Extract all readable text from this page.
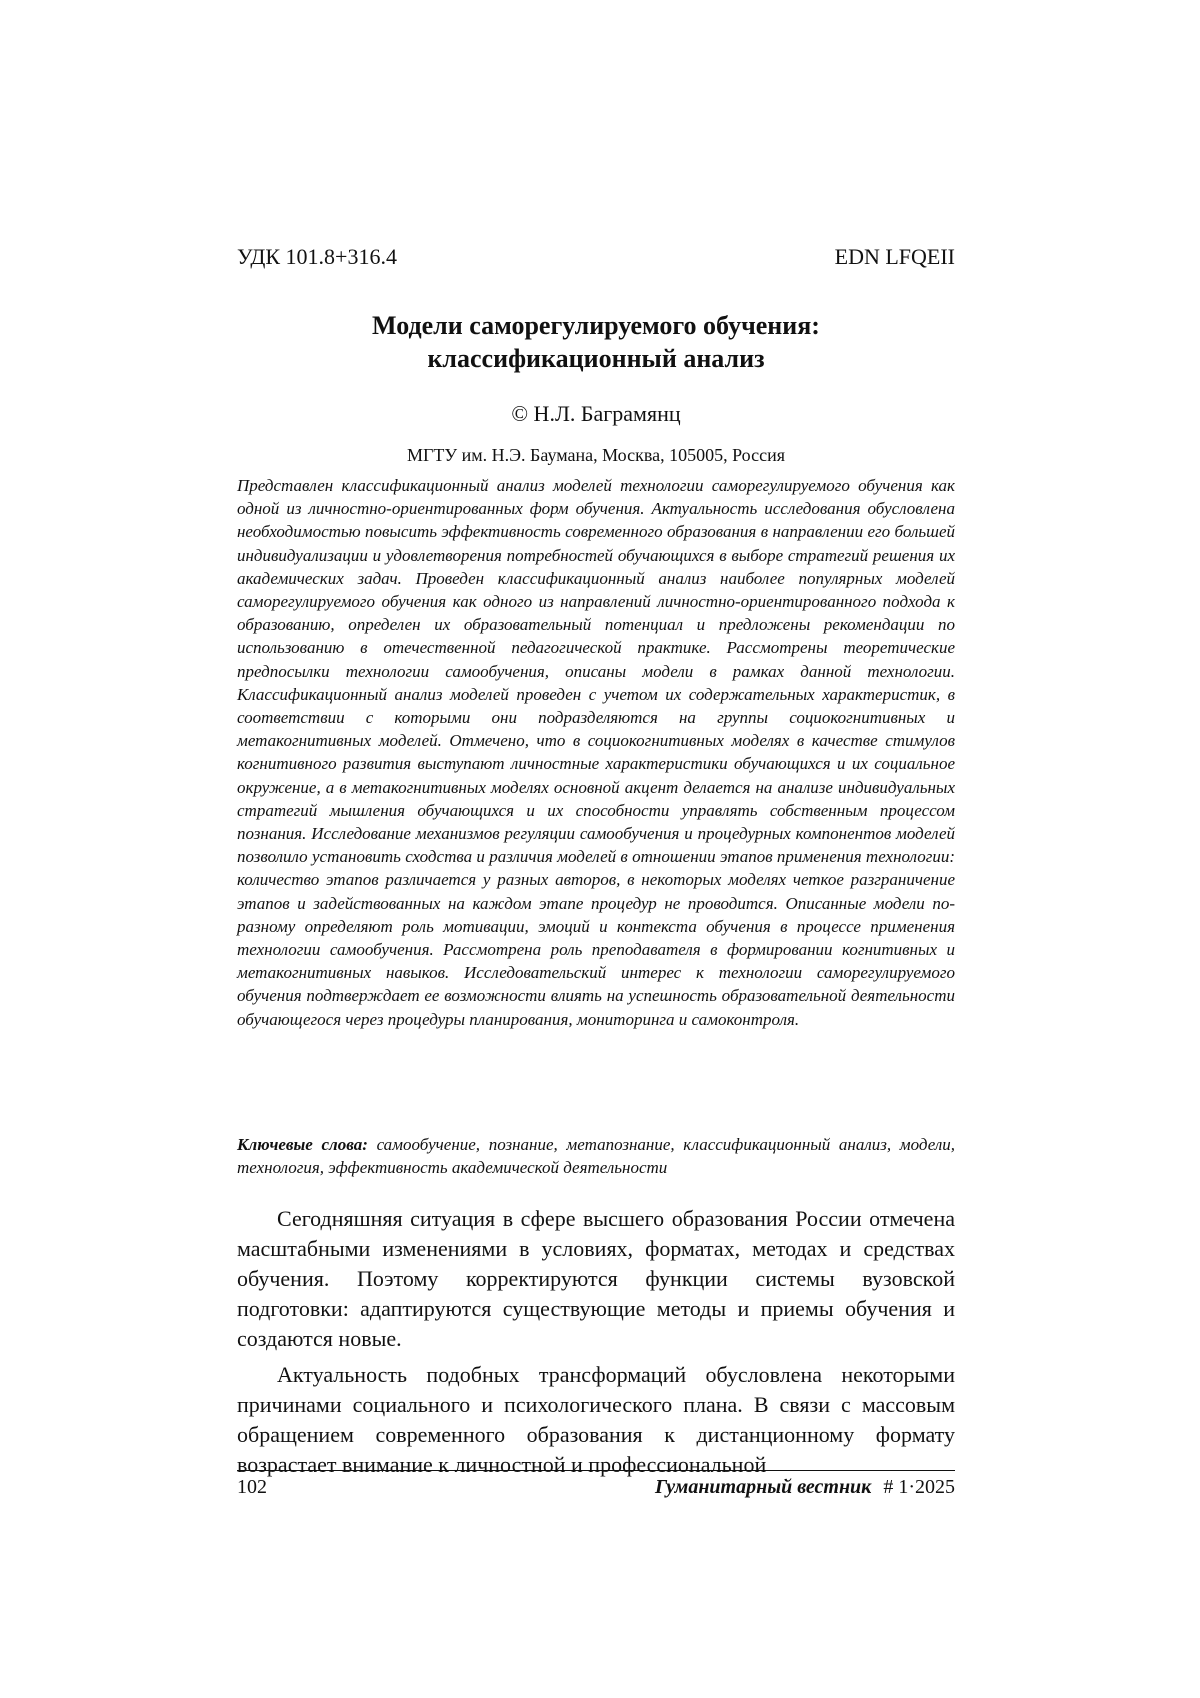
УДК 101.8+316.4	EDN LFQEII
Модели саморегулируемого обучения:
классификационный анализ
© Н.Л. Баграмянц
МГТУ им. Н.Э. Баумана, Москва, 105005, Россия

Представлен классификационный анализ моделей технологии саморегулируемого обучения как одной из личностно-ориентированных форм обучения. Актуальность исследования обусловлена необходимостью повысить эффективность современного образования в направлении его большей индивидуализации и удовлетворения потребностей обучающихся в выборе стратегий решения их академических задач. Проведен классификационный анализ наиболее популярных моделей саморегулируемого обучения как одного из направлений личностно-ориентированного подхода к образованию, определен их образовательный потенциал и предложены рекомендации по использованию в отечественной педагогической практике. Рассмотрены теоретические предпосылки технологии самообучения, описаны модели в рамках данной технологии. Классификационный анализ моделей проведен с учетом их содержательных характеристик, в соответствии с которыми они подразделяются на группы социокогнитивных и метакогнитивных моделей. Отмечено, что в социокогнитивных моделях в качестве стимулов когнитивного развития выступают личностные характеристики обучающихся и их социальное окружение, а в метакогнитивных моделях основной акцент делается на анализе индивидуальных стратегий мышления обучающихся и их способности управлять собственным процессом познания. Исследование механизмов регуляции самообучения и процедурных компонентов моделей позволило установить сходства и различия моделей в отношении этапов применения технологии: количество этапов различается у разных авторов, в некоторых моделях четкое разграничение этапов и задействованных на каждом этапе процедур не проводится. Описанные модели по-разному определяют роль мотивации, эмоций и контекста обучения в процессе применения технологии самообучения. Рассмотрена роль преподавателя в формировании когнитивных и метакогнитивных навыков. Исследовательский интерес к технологии саморегулируемого обучения подтверждает ее возможности влиять на успешность образовательной деятельности обучающегося через процедуры планирования, мониторинга и самоконтроля.

Ключевые слова: самообучение, познание, метапознание, классификационный анализ, модели, технология, эффективность академической деятельности

Сегодняшняя ситуация в сфере высшего образования России отмечена масштабными изменениями в условиях, форматах, методах и средствах обучения. Поэтому корректируются функции системы вузовской подготовки: адаптируются существующие методы и приемы обучения и создаются новые.

Актуальность подобных трансформаций обусловлена некоторыми причинами социального и психологического плана. В связи с массовым обращением современного образования к дистанционному формату возрастает внимание к личностной и профессиональной

102	Гуманитарный вестник # 1·2025
